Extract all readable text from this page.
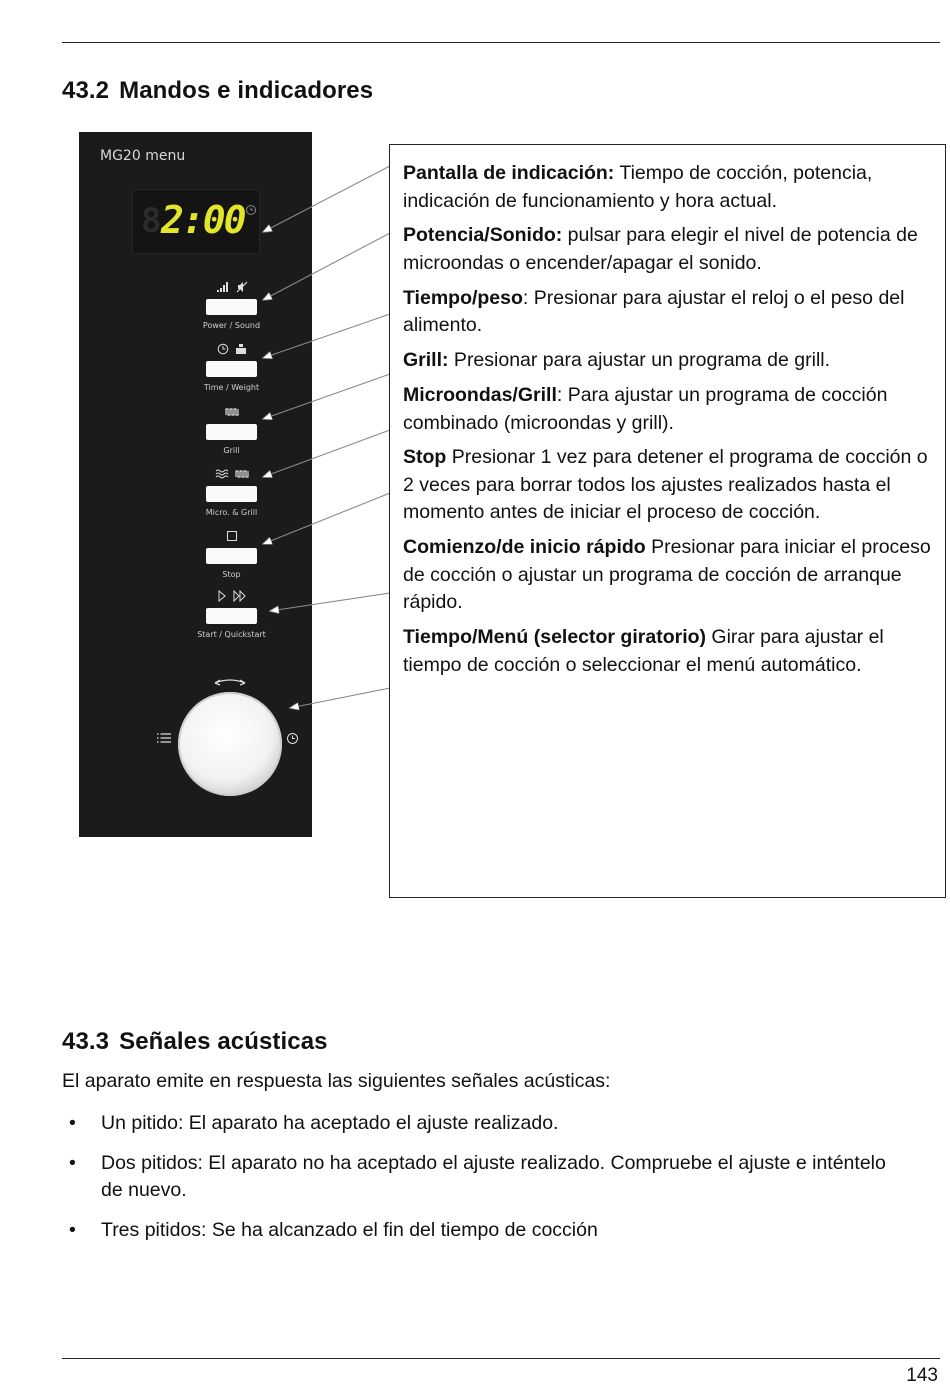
43.2 Mandos e indicadores
MG20 menu
8 2:00
Power / Sound
Time / Weight
Grill
Micro. & Grill
Stop
Start / Quickstart

Pantalla de indicación: Tiempo de cocción, potencia, indicación de funcionamiento y hora actual.

Potencia/Sonido: pulsar para elegir el nivel de potencia de microondas o encender/apagar el sonido.

Tiempo/peso: Presionar para ajustar el reloj o el peso del alimento.

Grill: Presionar para ajustar un programa de grill.

Microondas/Grill: Para ajustar un programa de cocción combinado (microondas y grill).

Stop Presionar 1 vez para detener el programa de cocción o 2 veces para borrar todos los ajustes realizados hasta el momento antes de iniciar el proceso de cocción.

Comienzo/de inicio rápido Presionar para iniciar el proceso de cocción o ajustar un programa de cocción de arranque rápido.

Tiempo/Menú (selector giratorio) Girar para ajustar el tiempo de cocción o seleccionar el menú automático.

43.3 Señales acústicas

El aparato emite en respuesta las siguientes señales acústicas:

• Un pitido: El aparato ha aceptado el ajuste realizado.
• Dos pitidos: El aparato no ha aceptado el ajuste realizado. Compruebe el ajuste e inténtelo de nuevo.
• Tres pitidos: Se ha alcanzado el fin del tiempo de cocción
143
